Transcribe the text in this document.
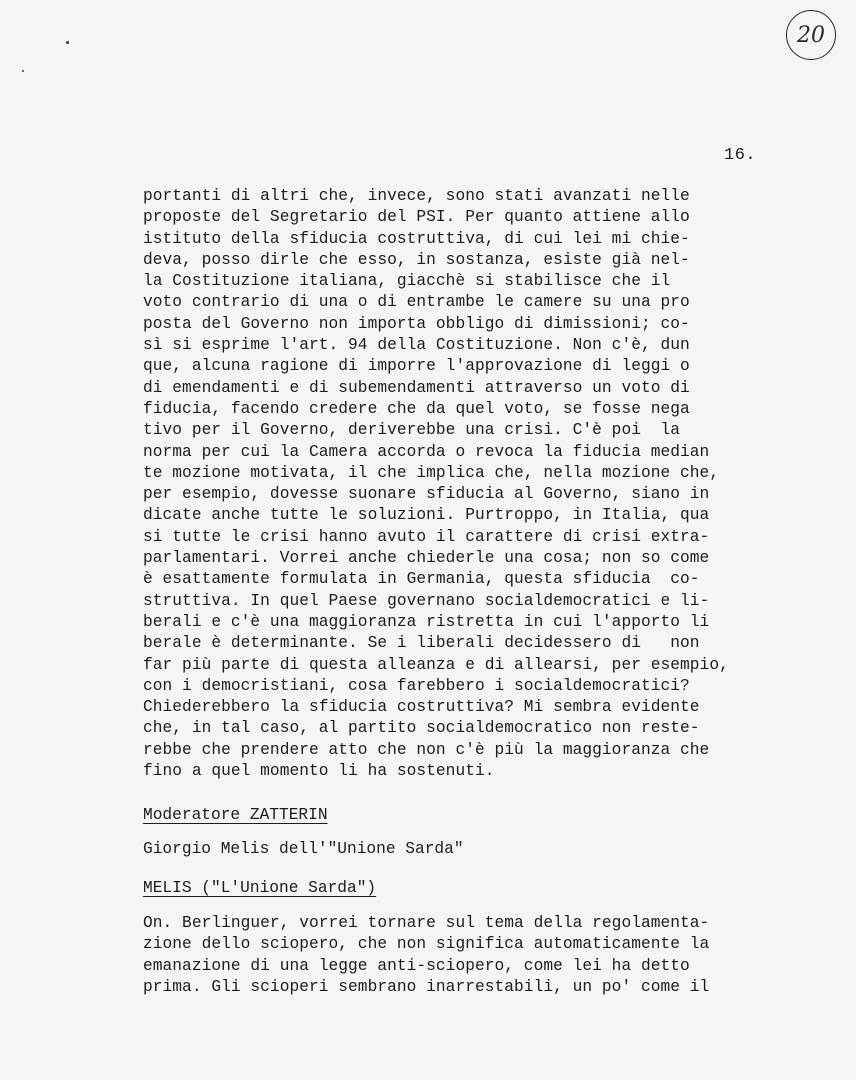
20
16.
portanti di altri che, invece, sono stati avanzati nelle
proposte del Segretario del PSI. Per quanto attiene allo
istituto della sfiducia costruttiva, di cui lei mi chie-
deva, posso dirle che esso, in sostanza, esiste già nel-
la Costituzione italiana, giacchè si stabilisce che il
voto contrario di una o di entrambe le camere su una pro
posta del Governo non importa obbligo di dimissioni; co-
sì si esprime l'art. 94 della Costituzione. Non c'è, dun
que, alcuna ragione di imporre l'approvazione di leggi o
di emendamenti e di subemendamenti attraverso un voto di
fiducia, facendo credere che da quel voto, se fosse nega
tivo per il Governo, deriverebbe una crisi. C'è poi  la
norma per cui la Camera accorda o revoca la fiducia median
te mozione motivata, il che implica che, nella mozione che,
per esempio, dovesse suonare sfiducia al Governo, siano in
dicate anche tutte le soluzioni. Purtroppo, in Italia, qua
si tutte le crisi hanno avuto il carattere di crisi extra-
parlamentari. Vorrei anche chiederle una cosa; non so come
è esattamente formulata in Germania, questa sfiducia  co-
struttiva. In quel Paese governano socialdemocratici e li-
berali e c'è una maggioranza ristretta in cui l'apporto li
berale è determinante. Se i liberali decidessero di   non
far più parte di questa alleanza e di allearsi, per esempio,
con i democristiani, cosa farebbero i socialdemocratici?
Chiederebbero la sfiducia costruttiva? Mi sembra evidente
che, in tal caso, al partito socialdemocratico non reste-
rebbe che prendere atto che non c'è più la maggioranza che
fino a quel momento li ha sostenuti.
Moderatore ZATTERIN
Giorgio Melis dell'"Unione Sarda"
MELIS ("L'Unione Sarda")
On. Berlinguer, vorrei tornare sul tema della regolamenta-
zione dello sciopero, che non significa automaticamente la
emanazione di una legge anti-sciopero, come lei ha detto
prima. Gli scioperi sembrano inarrestabili, un po' come il
